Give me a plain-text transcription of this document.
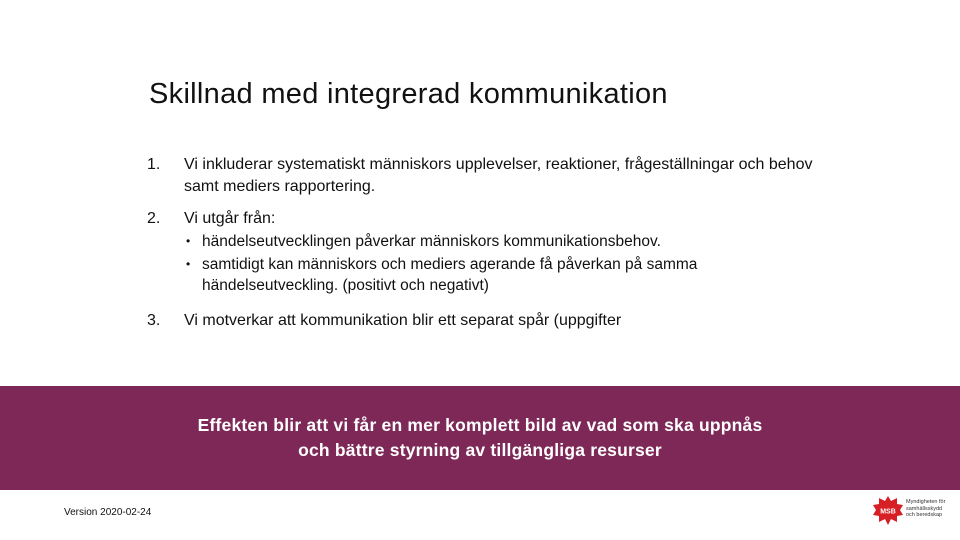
Skillnad med integrerad kommunikation
1. Vi inkluderar systematiskt människors upplevelser, reaktioner, frågeställningar och behov samt mediers rapportering.
2. Vi utgår från:
• händelseutvecklingen påverkar människors kommunikationsbehov.
• samtidigt kan människors och mediers agerande få påverkan på samma händelseutveckling. (positivt och negativt)
3. Vi motverkar att kommunikation blir ett separat spår (uppgifter
Effekten blir att vi får en mer komplett bild av vad som ska uppnås
och bättre styrning av tillgängliga resurser
Version 2020-02-24	MSB
Myndigheten för
samhällsskydd
och beredskap
